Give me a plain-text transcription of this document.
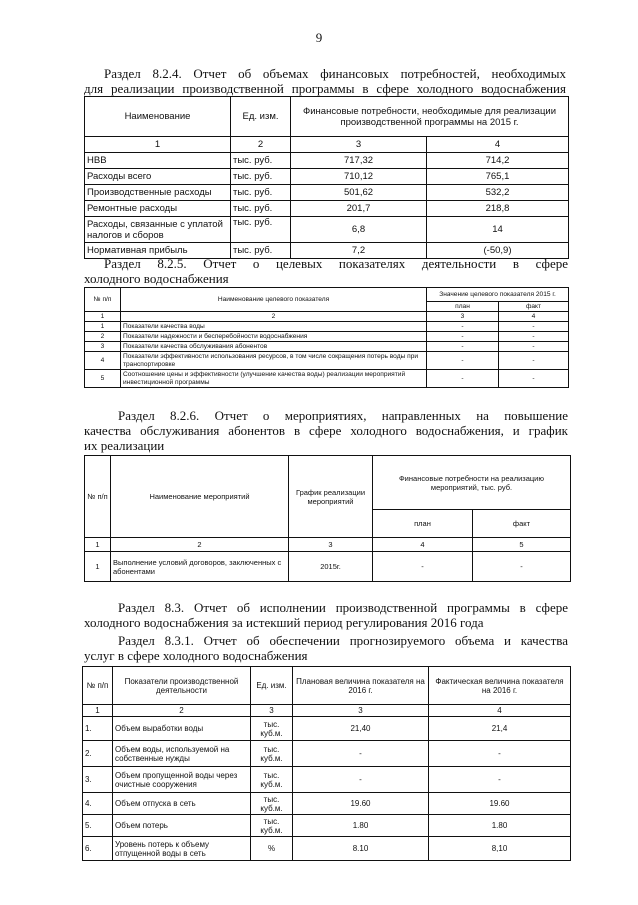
9
Раздел 8.2.4. Отчет об объемах финансовых потребностей, необходимых
для реализации производственной программы в сфере холодного водоснабжения
Наименование	Ед. изм.	Финансовые потребности, необходимые для реализации производственной программы на 2015 г.	
1	2	3	4
НВВ	тыс. руб.	717,32	714,2
Расходы всего	тыс. руб.	710,12	765,1
Производственные расходы	тыс. руб.	501,62	532,2
Ремонтные расходы	тыс. руб.	201,7	218,8
Расходы, связанные с уплатой налогов и сборов	тыс. руб.	6,8	14
Нормативная прибыль	тыс. руб.	7,2	(-50,9)
Раздел 8.2.5. Отчет о целевых показателях деятельности в сфере
холодного водоснабжения
№ п/п	Наименование целевого показателя	Значение целевого показателя 2015 г.	
		план	факт
1	2	3	4
1	Показатели качества воды	-	-
2	Показатели надежности и бесперебойности водоснабжения	-	-
3	Показатели качества обслуживания абонентов	-	-
4	Показатели эффективности использования ресурсов, в том числе сокращения потерь воды при транспортировке	-	-
5	Соотношение цены и эффективности (улучшение качества воды) реализации мероприятий инвестиционной программы	-	-
Раздел 8.2.6. Отчет о мероприятиях, направленных на повышение
качества обслуживания абонентов в сфере холодного водоснабжения, и график
их реализации
№ п/п	Наименование мероприятий	График реализации мероприятий	Финансовые потребности на реализацию мероприятий, тыс. руб.	
			план	факт
1	2	3	4	5
1	Выполнение условий договоров, заключенных с абонентами	2015г.	-	-
Раздел 8.3. Отчет об исполнении производственной программы в сфере
холодного водоснабжения за истекший период регулирования 2016 года
Раздел 8.3.1. Отчет об обеспечении прогнозируемого объема и качества
услуг в сфере холодного водоснабжения
№ п/п	Показатели производственной деятельности	Ед. изм.	Плановая величина показателя на 2016 г.	Фактическая величина показателя на 2016 г.
1	2	3	3	4
1.	Объем выработки воды	тыс. куб.м.	21,40	21,4
2.	Объем воды, используемой на собственные нужды	тыс. куб.м.	-	-
3.	Объем пропущенной воды через очистные сооружения	тыс. куб.м.	-	-
4.	Объем отпуска в сеть	тыс. куб.м.	19.60	19.60
5.	Объем потерь	тыс. куб.м.	1.80	1.80
6.	Уровень потерь к объему отпущенной воды в сеть	%	8.10	8,10
